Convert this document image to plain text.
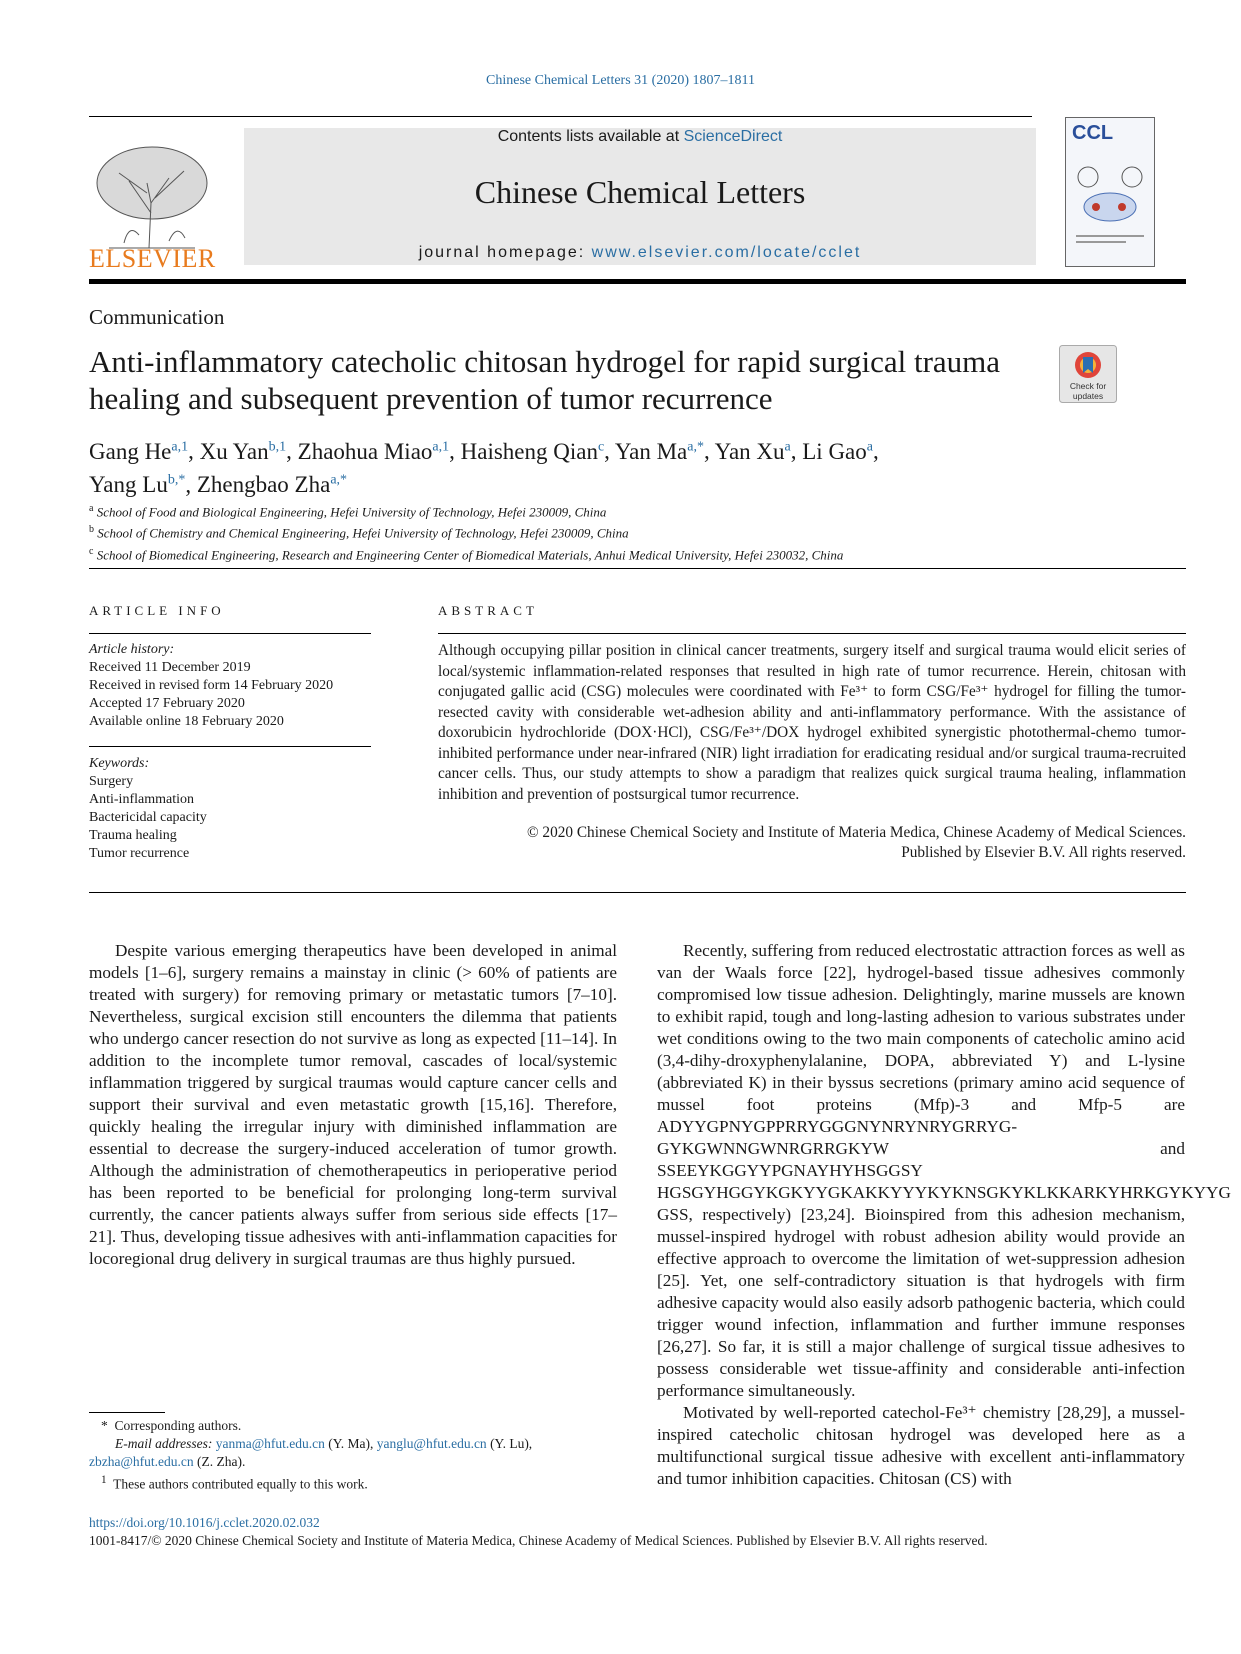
Chinese Chemical Letters 31 (2020) 1807–1811
ELSEVIER
Contents lists available at ScienceDirect
Chinese Chemical Letters
journal homepage: www.elsevier.com/locate/cclet
CCL
Communication
Anti-inflammatory catecholic chitosan hydrogel for rapid surgical trauma healing and subsequent prevention of tumor recurrence	Check for updates
Gang He$^{a,1}$, Xu Yan$^{b,1}$, Zhaohua Miao$^{a,1}$, Haisheng Qian$^c$, Yan $Ma^{a,*}$, Yan Xu$^a$, Li Gao$^a$,
Yang $Lu^{b,*}$, Zhengbao Zha$^{a,*}$
$^a$ School of Food and Biological Engineering, Hefei University of Technology, Hefei 230009, China
$^b$ School of Chemistry and Chemical Engineering, Hefei University of Technology, Hefei 230009, China
$^c$ School of Biomedical Engineering, Research and Engineering Center of Biomedical Materials, Anhui Medical University, Hefei 230032, China
ARTICLE INFO
Article history:
Received 11 December 2019
Received in revised form 14 February 2020
Accepted 17 February 2020
Available online 18 February 2020
Keywords:
Surgery
Anti-inflammation
Bactericidal capacity
Trauma healing
Tumor recurrence
ABSTRACT
Although occupying pillar position in clinical cancer treatments, surgery itself and surgical trauma would elicit series of local/systemic inflammation-related responses that resulted in high rate of tumor recurrence. Herein, chitosan with conjugated gallic acid (CSG) molecules were coordinated with Fe³⁺ to form CSG/Fe³⁺ hydrogel for filling the tumor-resected cavity with considerable wet-adhesion ability and anti-inflammatory performance. With the assistance of doxorubicin hydrochloride (DOX·HCl), CSG/Fe³⁺/DOX hydrogel exhibited synergistic photothermal-chemo tumor-inhibited performance under near-infrared (NIR) light irradiation for eradicating residual and/or surgical trauma-recruited cancer cells. Thus, our study attempts to show a paradigm that realizes quick surgical trauma healing, inflammation inhibition and prevention of postsurgical tumor recurrence.
© 2020 Chinese Chemical Society and Institute of Materia Medica, Chinese Academy of Medical Sciences.
Published by Elsevier B.V. All rights reserved.

Despite various emerging therapeutics have been developed in animal models [1–6], surgery remains a mainstay in clinic (> 60% of patients are treated with surgery) for removing primary or metastatic tumors [7–10]. Nevertheless, surgical excision still encounters the dilemma that patients who undergo cancer resection do not survive as long as expected [11–14]. In addition to the incomplete tumor removal, cascades of local/systemic inflammation triggered by surgical traumas would capture cancer cells and support their survival and even metastatic growth [15,16]. Therefore, quickly healing the irregular injury with diminished inflammation are essential to decrease the surgery-induced acceleration of tumor growth. Although the administration of chemotherapeutics in perioperative period has been reported to be beneficial for prolonging long-term survival currently, the cancer patients always suffer from serious side effects [17–21]. Thus, developing tissue adhesives with anti-inflammation capacities for locoregional drug delivery in surgical traumas are thus highly pursued.

Recently, suffering from reduced electrostatic attraction forces as well as van der Waals force [22], hydrogel-based tissue adhesives commonly compromised low tissue adhesion. Delightingly, marine mussels are known to exhibit rapid, tough and long-lasting adhesion to various substrates under wet conditions owing to the two main components of catecholic amino acid (3,4-dihy-droxyphenylalanine, DOPA, abbreviated Y) and L-lysine (abbreviated K) in their byssus secretions (primary amino acid sequence of mussel foot proteins (Mfp)-3 and Mfp-5 are ADYYGPNYGPPRRYGGGNYNRYNRYGRRYG-GYKGWNNGWNRGRRGKYW and SSEEYKGGYYPGNAYHYHSGGSY HGSGYHGGYKGKYYGKAKKYYYKYKNSGKYKLKKARKYHRKGYKYYG GSS, respectively) [23,24]. Bioinspired from this adhesion mechanism, mussel-inspired hydrogel with robust adhesion ability would provide an effective approach to overcome the limitation of wet-suppression adhesion [25]. Yet, one self-contradictory situation is that hydrogels with firm adhesive capacity would also easily adsorb pathogenic bacteria, which could trigger wound infection, inflammation and further immune responses [26,27]. So far, it is still a major challenge of surgical tissue adhesives to possess considerable wet tissue-affinity and considerable anti-infection performance simultaneously.

Motivated by well-reported catechol-Fe³⁺ chemistry [28,29], a mussel-inspired catecholic chitosan hydrogel was developed here as a multifunctional surgical tissue adhesive with excellent anti-inflammatory and tumor inhibition capacities. Chitosan (CS) with

*  Corresponding authors.
E-mail addresses: yanma@hfut.edu.cn (Y. Ma), yanglu@hfut.edu.cn (Y. Lu),
zbzha@hfut.edu.cn (Z. Zha).
$^1$ These authors contributed equally to this work.
https://doi.org/10.1016/j.cclet.2020.02.032
1001-8417/© 2020 Chinese Chemical Society and Institute of Materia Medica, Chinese Academy of Medical Sciences. Published by Elsevier B.V. All rights reserved.
